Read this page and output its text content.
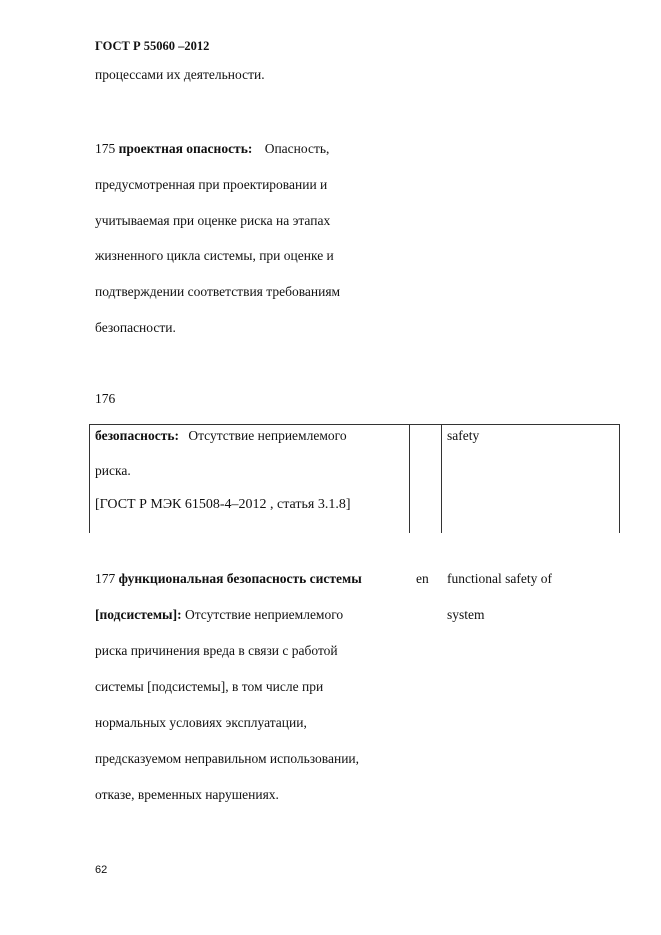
ГОСТ Р 55060 –2012
процессами их деятельности.
175 проектная опасность: Опасность,
предусмотренная при проектировании и
учитываемая при оценке риска на этапах
жизненного цикла системы, при оценке и
подтверждении соответствия требованиям
безопасности.
176
безопасность: Отсутствие неприемлемого
риска.
[ГОСТ Р МЭК 61508-4–2012 , статья 3.1.8]
safety
177 функциональная безопасность системы	en functional safety of
[подсистемы]: Отсутствие неприемлемого	system
риска причинения вреда в связи с работой
системы [подсистемы], в том числе при
нормальных условиях эксплуатации,
предсказуемом неправильном использовании,
отказе, временных нарушениях.
62
